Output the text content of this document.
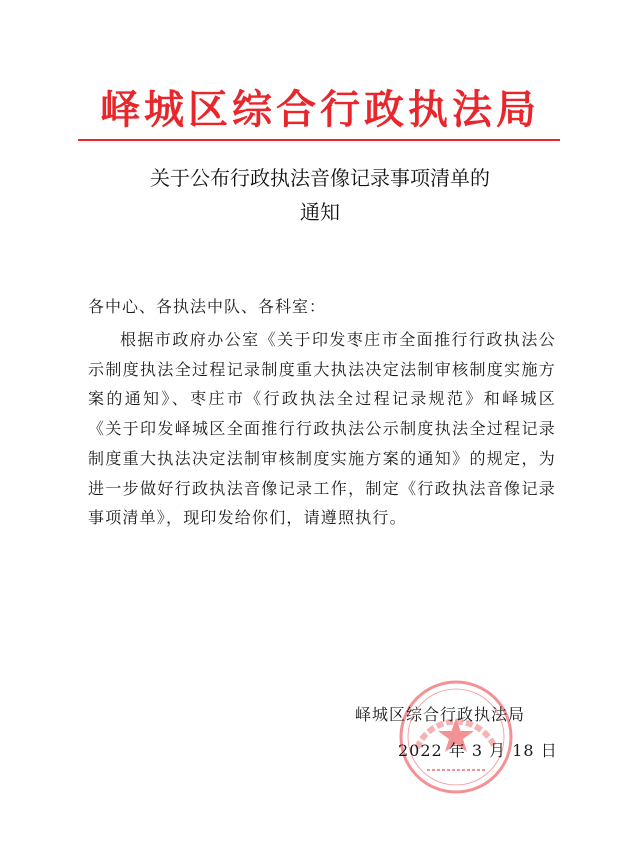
峄城区综合行政执法局
关于公布行政执法音像记录事项清单的
通知
各中心、各执法中队、各科室：

根据市政府办公室《关于印发枣庄市全面推行行政执法公示制度执法全过程记录制度重大执法决定法制审核制度实施方案的通知》、枣庄市《行政执法全过程记录规范》和峄城区《关于印发峄城区全面推行行政执法公示制度执法全过程记录制度重大执法决定法制审核制度实施方案的通知》的规定，为进一步做好行政执法音像记录工作，制定《行政执法音像记录事项清单》，现印发给你们，请遵照执行。

峄城区综合行政执法局
2022 年 3 月 18 日
